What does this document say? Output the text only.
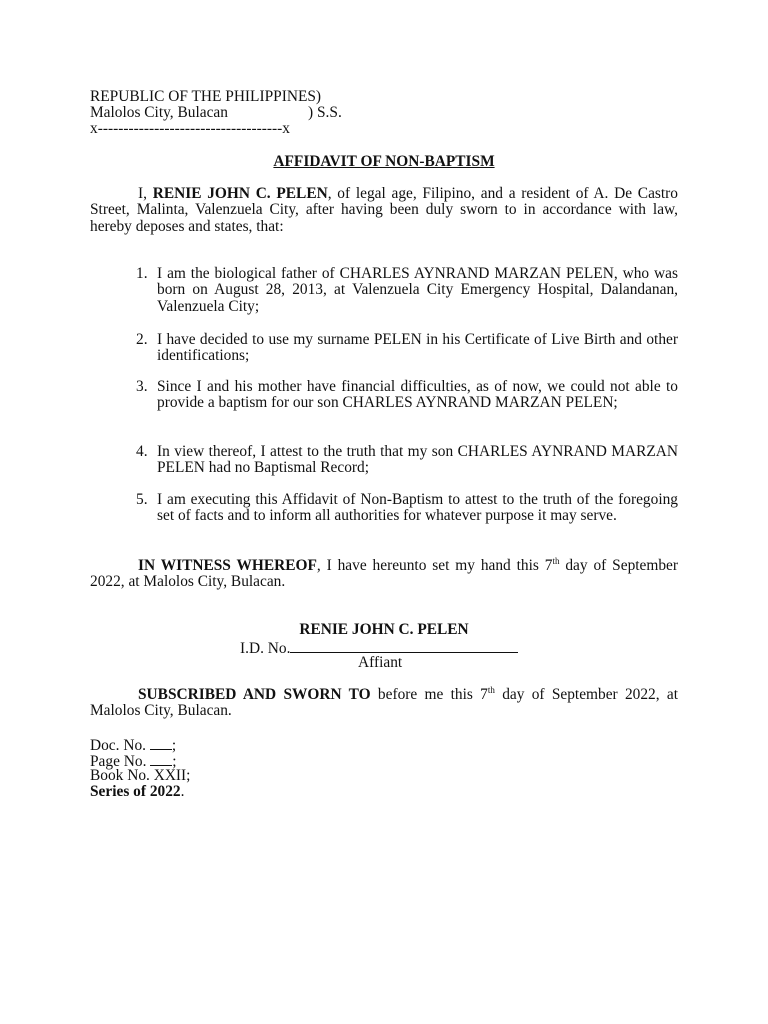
REPUBLIC OF THE PHILIPPINES)
Malolos City, Bulacan	) S.S.
x------------------------------------x
AFFIDAVIT OF NON-BAPTISM
I, RENIE JOHN C. PELEN, of legal age, Filipino, and a resident of A. De Castro Street, Malinta, Valenzuela City, after having been duly sworn to in accordance with law, hereby deposes and states, that:
1. I am the biological father of CHARLES AYNRAND MARZAN PELEN, who was born on August 28, 2013, at Valenzuela City Emergency Hospital, Dalandanan, Valenzuela City;
2. I have decided to use my surname PELEN in his Certificate of Live Birth and other identifications;
3. Since I and his mother have financial difficulties, as of now, we could not able to provide a baptism for our son CHARLES AYNRAND MARZAN PELEN;
4. In view thereof, I attest to the truth that my son CHARLES AYNRAND MARZAN PELEN had no Baptismal Record;
5. I am executing this Affidavit of Non-Baptism to attest to the truth of the foregoing set of facts and to inform all authorities for whatever purpose it may serve.
IN WITNESS WHEREOF, I have hereunto set my hand this 7th day of September 2022, at Malolos City, Bulacan.
RENIE JOHN C. PELEN
I.D. No.
Affiant
SUBSCRIBED AND SWORN TO before me this 7th day of September 2022, at Malolos City, Bulacan.
Doc. No. ;
Page No. ;
Book No. XXII;
Series of 2022.
